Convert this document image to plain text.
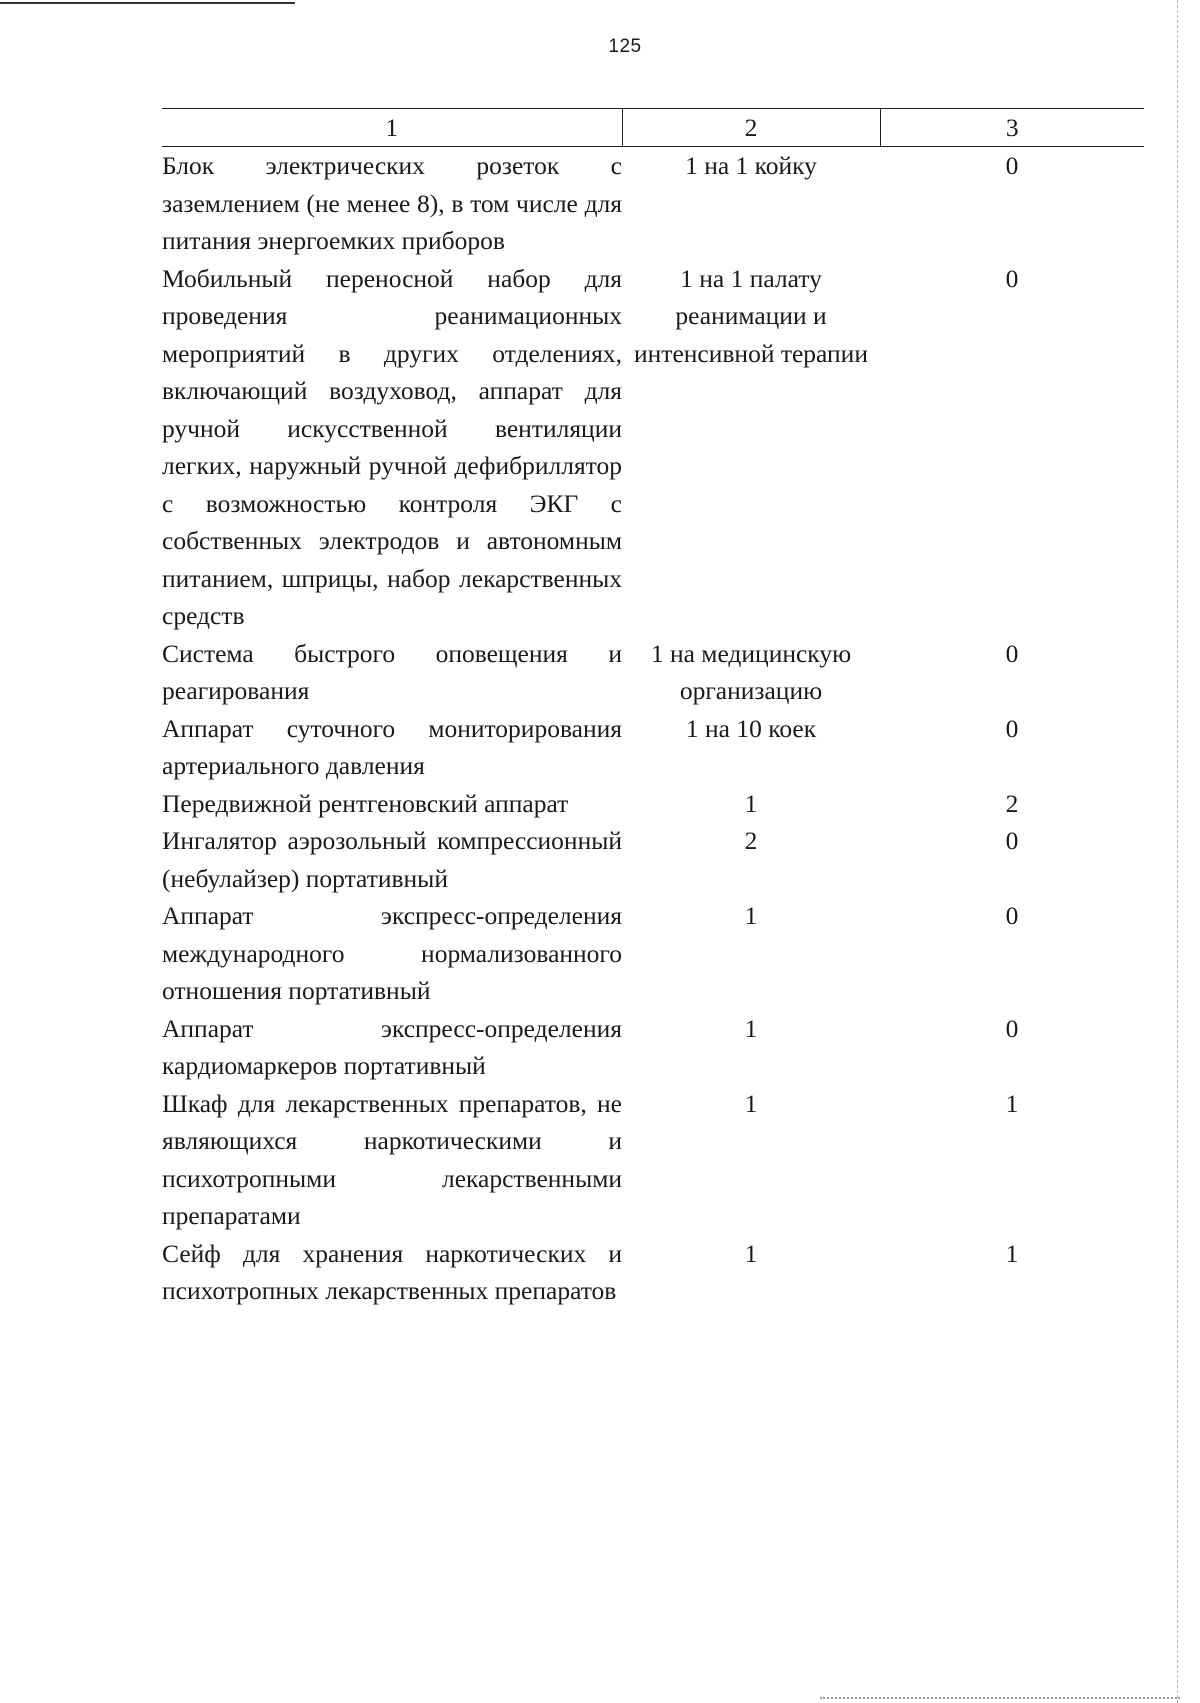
125
1	2	3
Блок электрических розеток с заземлением (не менее 8), в том числе для питания энергоемких приборов	1 на 1 койку	0
Мобильный переносной набор для проведения реанимационных мероприятий в других отделениях, включающий воздуховод, аппарат для ручной искусственной вентиляции легких, наружный ручной дефибриллятор с возможностью контроля ЭКГ с собственных электродов и автономным питанием, шприцы, набор лекарственных средств	1 на 1 палату реанимации и интенсивной терапии	0
Система быстрого оповещения и реагирования	1 на медицинскую организацию	0
Аппарат суточного мониторирования артериального давления	1 на 10 коек	0
Передвижной рентгеновский аппарат	1	2
Ингалятор аэрозольный компрессионный (небулайзер) портативный	2	0
Аппарат экспресс-определения международного нормализованного отношения портативный	1	0
Аппарат экспресс-определения кардиомаркеров портативный	1	0
Шкаф для лекарственных препаратов, не являющихся наркотическими и психотропными лекарственными препаратами	1	1
Сейф для хранения наркотических и психотропных лекарственных препаратов	1	1
